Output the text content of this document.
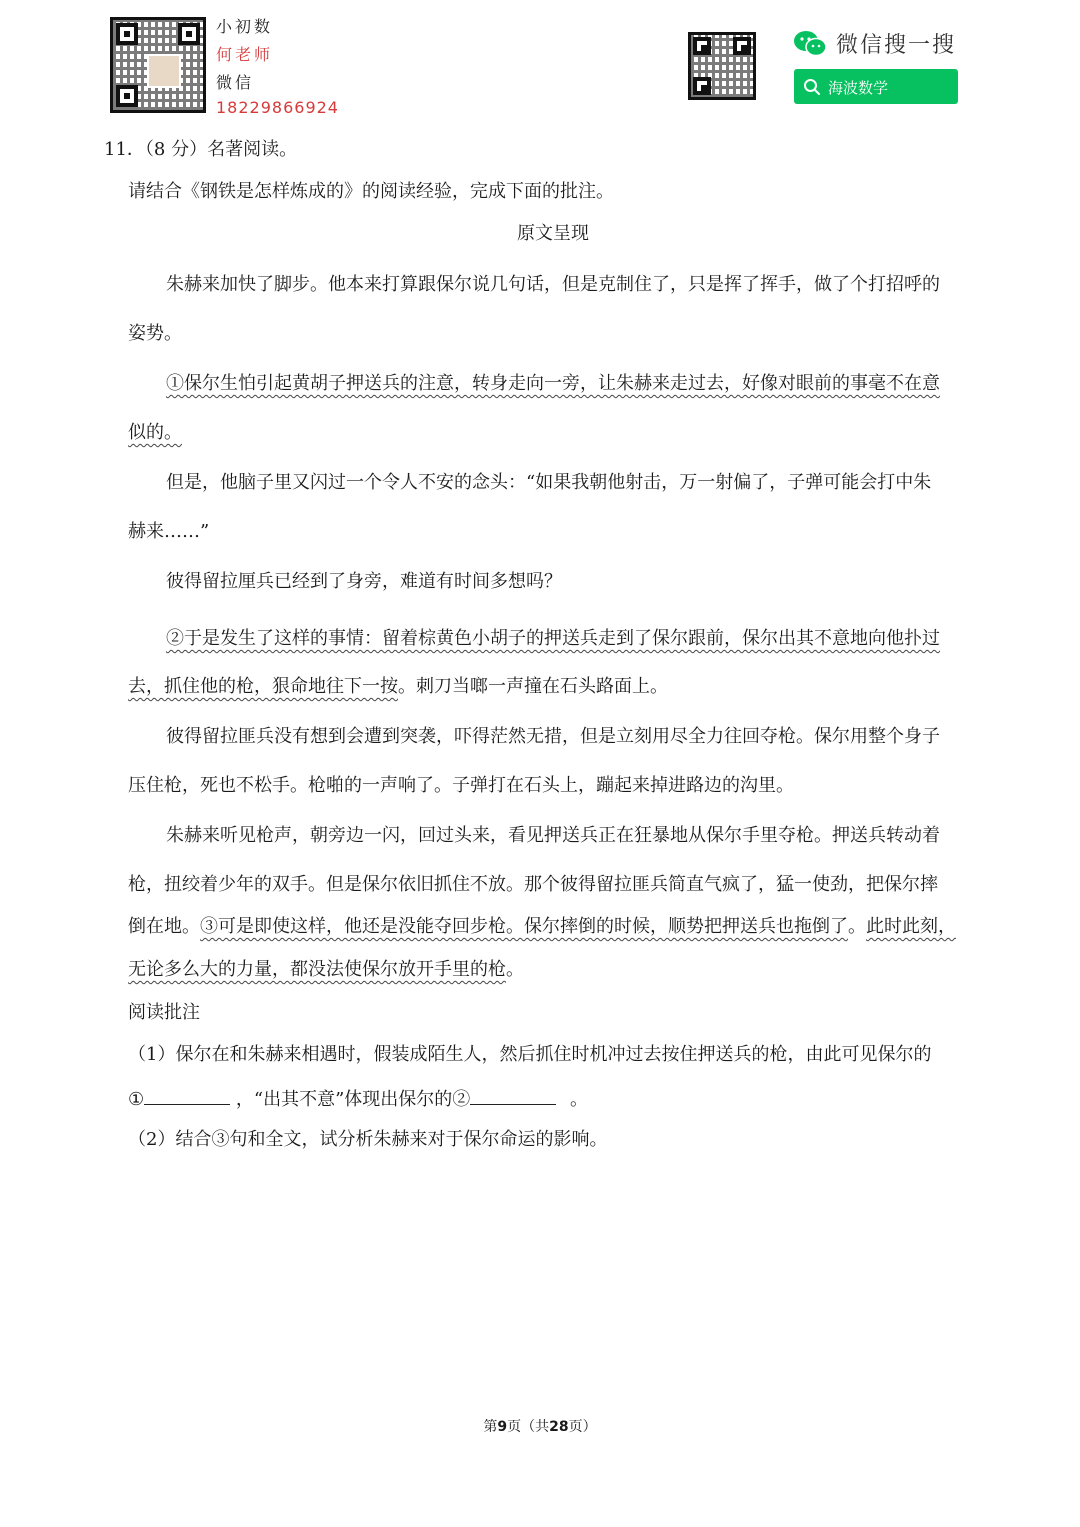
小初数
何老师
微信
18229866924
微信搜一搜
海波数学
11．（8 分）名著阅读。
请结合《钢铁是怎样炼成的》的阅读经验，完成下面的批注。
原文呈现
朱赫来加快了脚步。他本来打算跟保尔说几句话，但是克制住了，只是挥了挥手，做了个打招呼的
姿势。
①保尔生怕引起黄胡子押送兵的注意，转身走向一旁，让朱赫来走过去，好像对眼前的事毫不在意
似的。
但是，他脑子里又闪过一个令人不安的念头：“如果我朝他射击，万一射偏了，子弹可能会打中朱
赫来……”
彼得留拉厘兵已经到了身旁，难道有时间多想吗？
②于是发生了这样的事情：留着棕黄色小胡子的押送兵走到了保尔跟前，保尔出其不意地向他扑过
去，抓住他的枪，狠命地往下一按。刺刀当啷一声撞在石头路面上。
彼得留拉匪兵没有想到会遭到突袭，吓得茫然无措，但是立刻用尽全力往回夺枪。保尔用整个身子
压住枪，死也不松手。枪啪的一声响了。子弹打在石头上，蹦起来掉进路边的沟里。
朱赫来听见枪声，朝旁边一闪，回过头来，看见押送兵正在狂暴地从保尔手里夺枪。押送兵转动着
枪，扭绞着少年的双手。但是保尔依旧抓住不放。那个彼得留拉匪兵简直气疯了，猛一使劲，把保尔摔
倒在地。③可是即使这样，他还是没能夺回步枪。保尔摔倒的时候，顺势把押送兵也拖倒了。此时此刻，
无论多么大的力量，都没法使保尔放开手里的枪。
阅读批注
（1）保尔在和朱赫来相遇时，假装成陌生人，然后抓住时机冲过去按住押送兵的枪，由此可见保尔的
①	，“出其不意”体现出保尔的②	。
（2）结合③句和全文，试分析朱赫来对于保尔命运的影响。
第9页（共28页）
